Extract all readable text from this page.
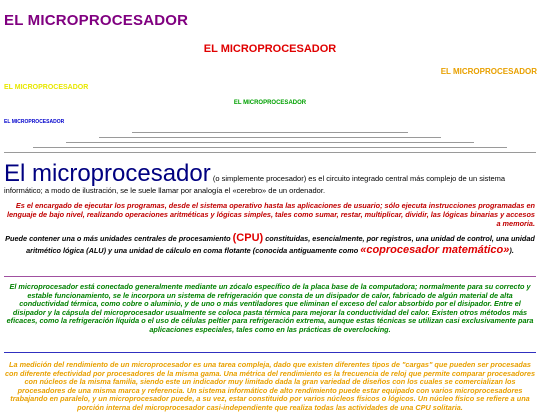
EL MICROPROCESADOR
EL MICROPROCESADOR
EL MICROPROCESADOR
EL MICROPROCESADOR
EL MICROPROCESADOR
EL MICROPROCESADOR
El microprocesador (o simplemente procesador) es el circuito integrado central más complejo de un sistema informático; a modo de ilustración, se le suele llamar por analogía el «cerebro» de un ordenador.
Es el encargado de ejecutar los programas, desde el sistema operativo hasta las aplicaciones de usuario; sólo ejecuta instrucciones programadas en lenguaje de bajo nivel, realizando operaciones aritméticas y lógicas simples, tales como sumar, restar, multiplicar, dividir, las lógicas binarias y accesos a memoria.
Puede contener una o más unidades centrales de procesamiento (CPU) constituidas, esencialmente, por registros, una unidad de control, una unidad aritmético lógica (ALU) y una unidad de cálculo en coma flotante (conocida antiguamente como «coprocesador matemático»).
El microprocesador está conectado generalmente mediante un zócalo específico de la placa base de la computadora; normalmente para su correcto y estable funcionamiento, se le incorpora un sistema de refrigeración que consta de un disipador de calor, fabricado de algún material de alta conductividad térmica, como cobre o aluminio, y de uno o más ventiladores que eliminan el exceso del calor absorbido por el disipador. Entre el disipador y la cápsula del microprocesador usualmente se coloca pasta térmica para mejorar la conductividad del calor. Existen otros métodos más eficaces, como la refrigeración líquida o el uso de células peltier para refrigeración extrema, aunque estas técnicas se utilizan casi exclusivamente para aplicaciones especiales, tales como en las prácticas de overclocking.
La medición del rendimiento de un microprocesador es una tarea compleja, dado que existen diferentes tipos de "cargas" que pueden ser procesadas con diferente efectividad por procesadores de la misma gama. Una métrica del rendimiento es la frecuencia de reloj que permite comparar procesadores con núcleos de la misma familia, siendo este un indicador muy limitado dada la gran variedad de diseños con los cuales se comercializan los procesadores de una misma marca y referencia. Un sistema informático de alto rendimiento puede estar equipado con varios microprocesadores trabajando en paralelo, y un microprocesador puede, a su vez, estar constituido por varios núcleos físicos o lógicos. Un núcleo físico se refiere a una porción interna del microprocesador casi-independiente que realiza todas las actividades de una CPU solitaria.
